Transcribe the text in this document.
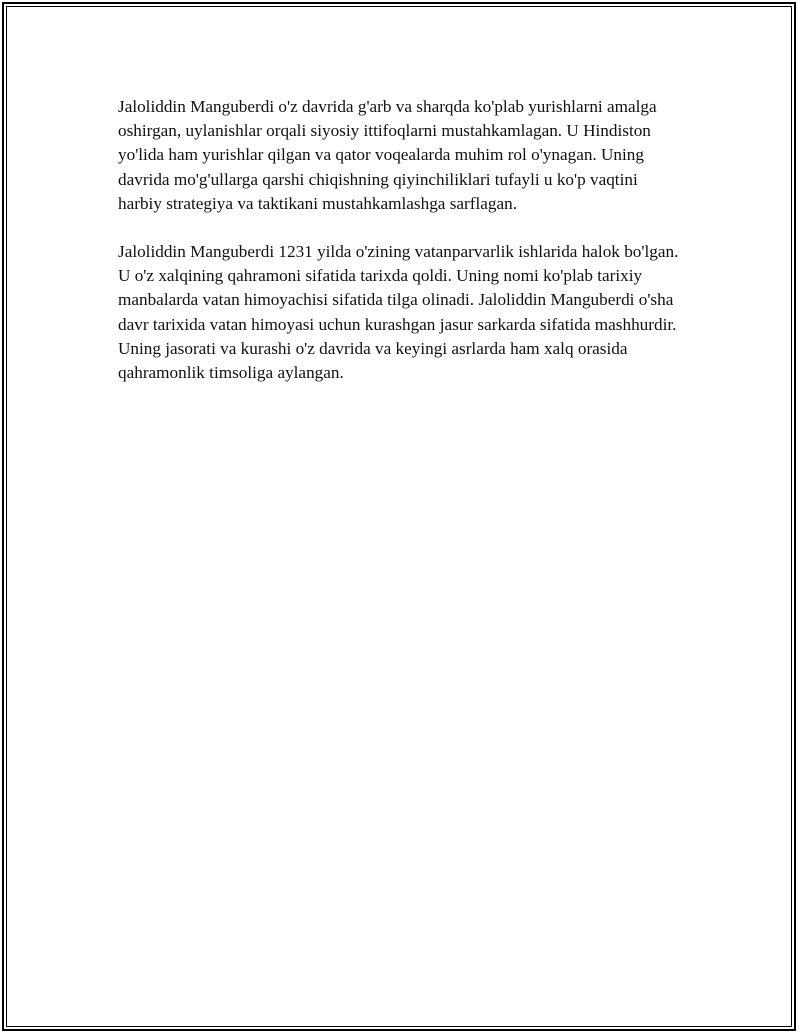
Jaloliddin Manguberdi o'z davrida g'arb va sharqda ko'plab yurishlarni amalga oshirgan, uylanishlar orqali siyosiy ittifoqlarni mustahkamlagan. U Hindiston yo'lida ham yurishlar qilgan va qator voqealarda muhim rol o'ynagan. Uning davrida mo'g'ullarga qarshi chiqishning qiyinchiliklari tufayli u ko'p vaqtini harbiy strategiya va taktikani mustahkamlashga sarflagan.

Jaloliddin Manguberdi 1231 yilda o'zining vatanparvarlik ishlarida halok bo'lgan. U o'z xalqining qahramoni sifatida tarixda qoldi. Uning nomi ko'plab tarixiy manbalarda vatan himoyachisi sifatida tilga olinadi. Jaloliddin Manguberdi o'sha davr tarixida vatan himoyasi uchun kurashgan jasur sarkarda sifatida mashhurdir. Uning jasorati va kurashi o'z davrida va keyingi asrlarda ham xalq orasida qahramonlik timsoliga aylangan.
